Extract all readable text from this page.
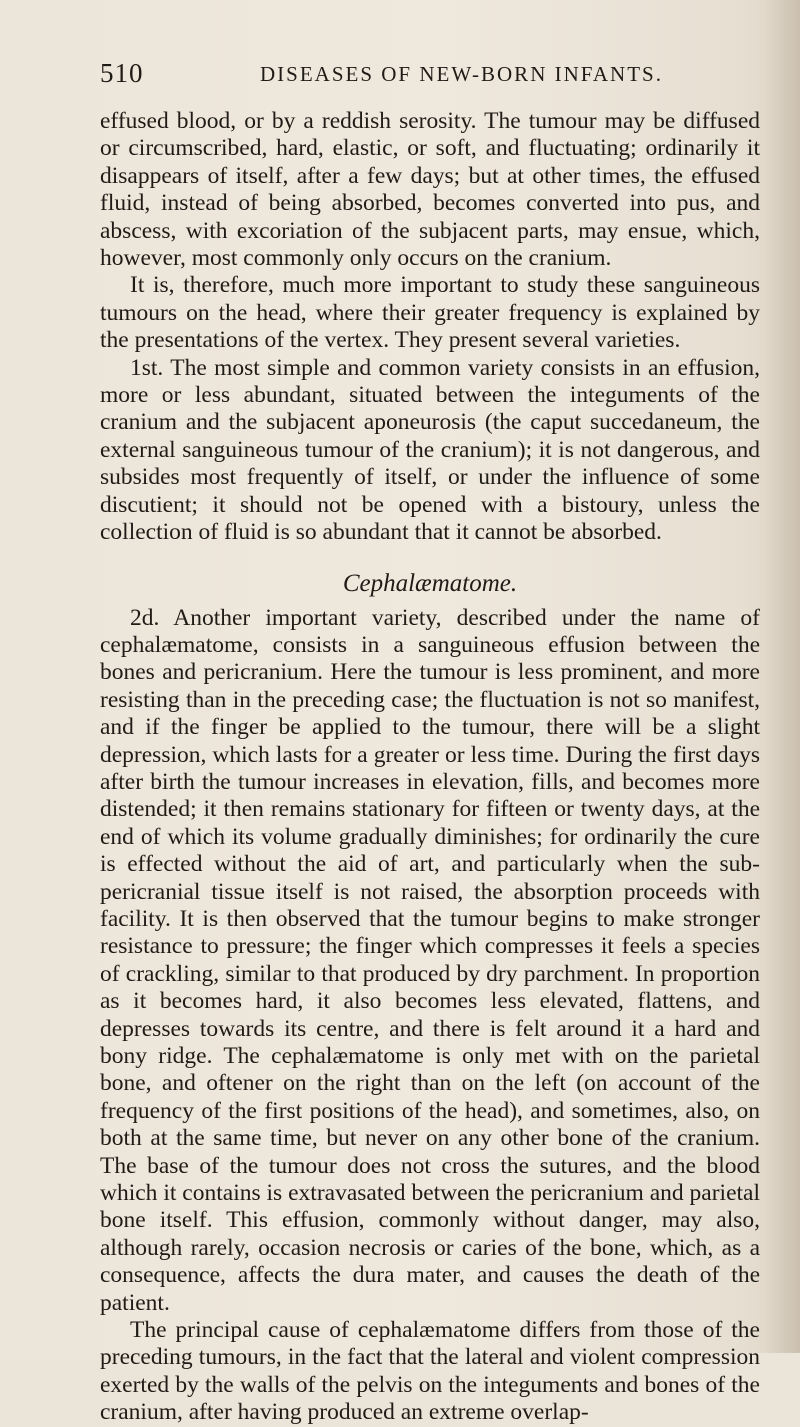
510	DISEASES OF NEW-BORN INFANTS.

effused blood, or by a reddish serosity. The tumour may be diffused or circumscribed, hard, elastic, or soft, and fluctuating; ordinarily it disappears of itself, after a few days; but at other times, the effused fluid, instead of being absorbed, becomes converted into pus, and abscess, with excoriation of the subjacent parts, may ensue, which, however, most commonly only occurs on the cranium.

It is, therefore, much more important to study these sanguineous tumours on the head, where their greater frequency is explained by the presentations of the vertex. They present several varieties.

1st. The most simple and common variety consists in an effusion, more or less abundant, situated between the integuments of the cranium and the subjacent aponeurosis (the caput succedaneum, the external sanguineous tumour of the cranium); it is not dangerous, and subsides most frequently of itself, or under the influence of some discutient; it should not be opened with a bistoury, unless the collection of fluid is so abundant that it cannot be absorbed.

Cephalæmatome.

2d. Another important variety, described under the name of cephalæmatome, consists in a sanguineous effusion between the bones and pericranium. Here the tumour is less prominent, and more resisting than in the preceding case; the fluctuation is not so manifest, and if the finger be applied to the tumour, there will be a slight depression, which lasts for a greater or less time. During the first days after birth the tumour increases in elevation, fills, and becomes more distended; it then remains stationary for fifteen or twenty days, at the end of which its volume gradually diminishes; for ordinarily the cure is effected without the aid of art, and particularly when the sub-pericranial tissue itself is not raised, the absorption proceeds with facility. It is then observed that the tumour begins to make stronger resistance to pressure; the finger which compresses it feels a species of crackling, similar to that produced by dry parchment. In proportion as it becomes hard, it also becomes less elevated, flattens, and depresses towards its centre, and there is felt around it a hard and bony ridge. The cephalæmatome is only met with on the parietal bone, and oftener on the right than on the left (on account of the frequency of the first positions of the head), and sometimes, also, on both at the same time, but never on any other bone of the cranium. The base of the tumour does not cross the sutures, and the blood which it contains is extravasated between the pericranium and parietal bone itself. This effusion, commonly without danger, may also, although rarely, occasion necrosis or caries of the bone, which, as a consequence, affects the dura mater, and causes the death of the patient.

The principal cause of cephalæmatome differs from those of the preceding tumours, in the fact that the lateral and violent compression exerted by the walls of the pelvis on the integuments and bones of the cranium, after having produced an extreme overlap-
